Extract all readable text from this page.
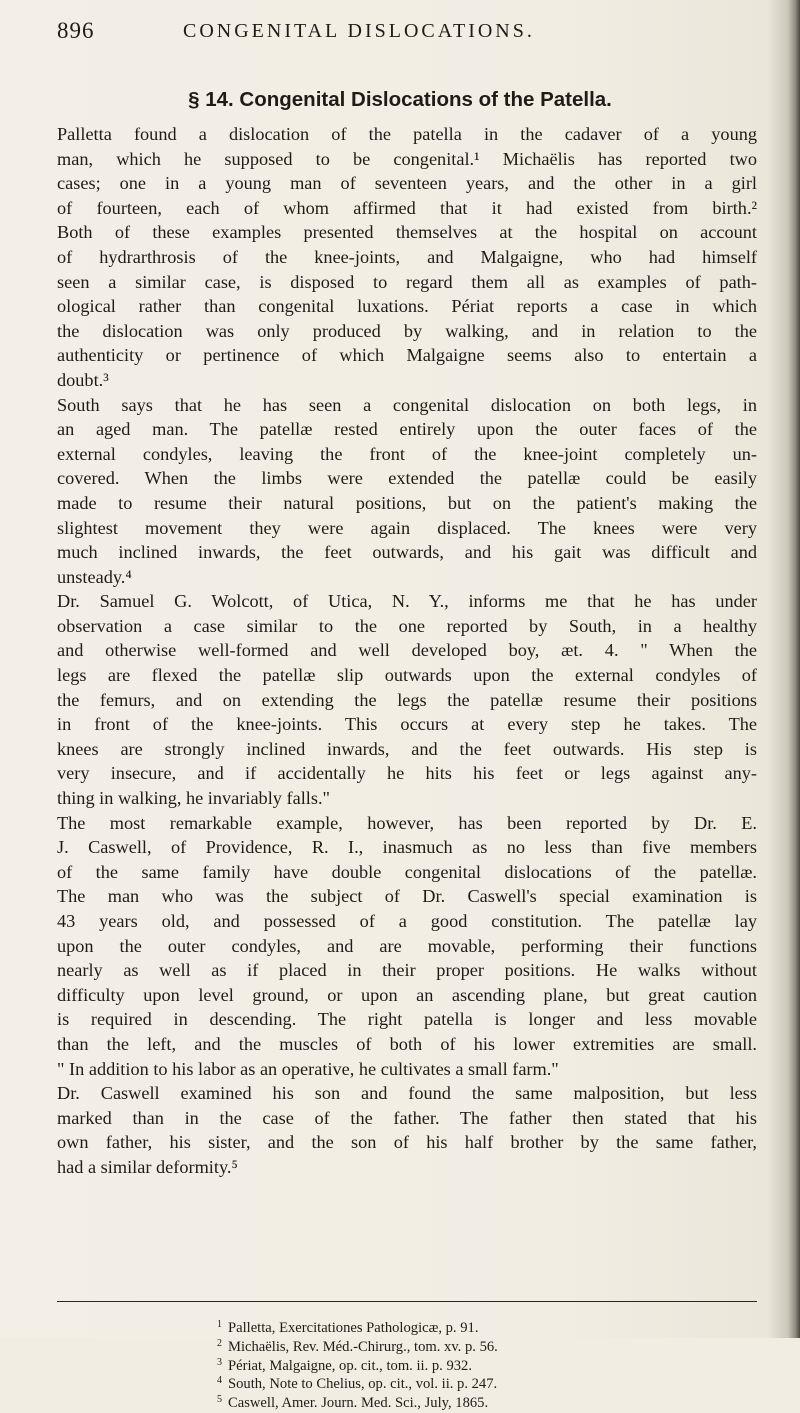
896	CONGENITAL DISLOCATIONS.
§ 14. Congenital Dislocations of the Patella.
Palletta found a dislocation of the patella in the cadaver of a young
man, which he supposed to be congenital.¹ Michaëlis has reported two
cases; one in a young man of seventeen years, and the other in a girl
of fourteen, each of whom affirmed that it had existed from birth.²
Both of these examples presented themselves at the hospital on account
of hydrarthrosis of the knee-joints, and Malgaigne, who had himself
seen a similar case, is disposed to regard them all as examples of path-
ological rather than congenital luxations. Périat reports a case in which
the dislocation was only produced by walking, and in relation to the
authenticity or pertinence of which Malgaigne seems also to entertain a
doubt.³
South says that he has seen a congenital dislocation on both legs, in
an aged man. The patellæ rested entirely upon the outer faces of the
external condyles, leaving the front of the knee-joint completely un-
covered. When the limbs were extended the patellæ could be easily
made to resume their natural positions, but on the patient's making the
slightest movement they were again displaced. The knees were very
much inclined inwards, the feet outwards, and his gait was difficult and
unsteady.⁴
Dr. Samuel G. Wolcott, of Utica, N. Y., informs me that he has under
observation a case similar to the one reported by South, in a healthy
and otherwise well-formed and well developed boy, æt. 4. " When the
legs are flexed the patellæ slip outwards upon the external condyles of
the femurs, and on extending the legs the patellæ resume their positions
in front of the knee-joints. This occurs at every step he takes. The
knees are strongly inclined inwards, and the feet outwards. His step is
very insecure, and if accidentally he hits his feet or legs against any-
thing in walking, he invariably falls."
The most remarkable example, however, has been reported by Dr. E.
J. Caswell, of Providence, R. I., inasmuch as no less than five members
of the same family have double congenital dislocations of the patellæ.
The man who was the subject of Dr. Caswell's special examination is
43 years old, and possessed of a good constitution. The patellæ lay
upon the outer condyles, and are movable, performing their functions
nearly as well as if placed in their proper positions. He walks without
difficulty upon level ground, or upon an ascending plane, but great caution
is required in descending. The right patella is longer and less movable
than the left, and the muscles of both of his lower extremities are small.
" In addition to his labor as an operative, he cultivates a small farm."
Dr. Caswell examined his son and found the same malposition, but less
marked than in the case of the father. The father then stated that his
own father, his sister, and the son of his half brother by the same father,
had a similar deformity.⁵
$^1$ Palletta, Exercitationes Pathologicæ, p. 91.
$^2$ Michaëlis, Rev. Méd.-Chirurg., tom. xv. p. 56.
$^3$ Périat, Malgaigne, op. cit., tom. ii. p. 932.
$^4$ South, Note to Chelius, op. cit., vol. ii. p. 247.
$^5$ Caswell, Amer. Journ. Med. Sci., July, 1865.
